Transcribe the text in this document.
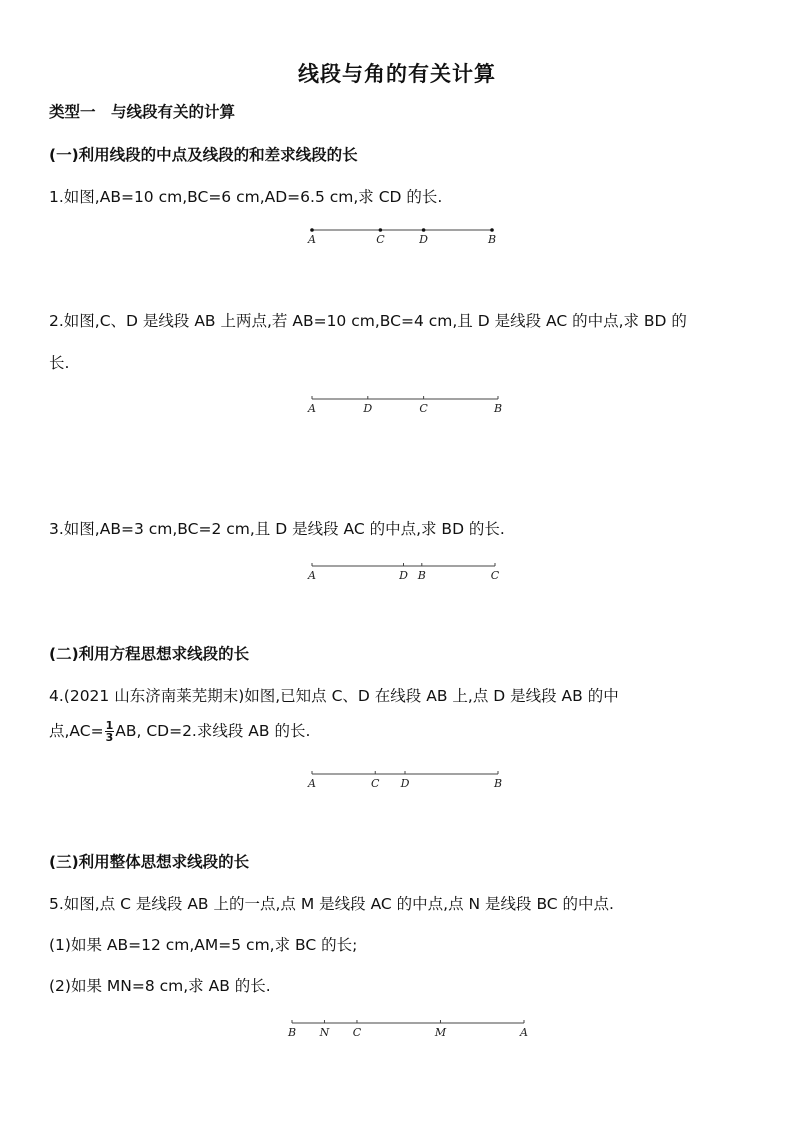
线段与角的有关计算
类型一　与线段有关的计算
(一)利用线段的中点及线段的和差求线段的长
1.如图,AB=10 cm,BC=6 cm,AD=6.5 cm,求 CD 的长.
A	C	D	B
2.如图,C、D 是线段 AB 上两点,若 AB=10 cm,BC=4 cm,且 D 是线段 AC 的中点,求 BD 的
长.
A	D	C	B
3.如图,AB=3 cm,BC=2 cm,且 D 是线段 AC 的中点,求 BD 的长.
A	D B	C
(二)利用方程思想求线段的长
4.(2021 山东济南莱芜期末)如图,已知点 C、D 在线段 AB 上,点 D 是线段 AB 的中
点$,AC= \frac{1}{3}$ AB, CD=2.求线段 AB 的长.
A	C D	B
(三)利用整体思想求线段的长
5.如图,点 C 是线段 AB 上的一点,点 M 是线段 AC 的中点,点 N 是线段 BC 的中点.
(1)如果 AB=12 cm,AM=5 cm,求 BC 的长;
(2)如果 MN=8 cm,求 AB 的长.
B N C	M	A
